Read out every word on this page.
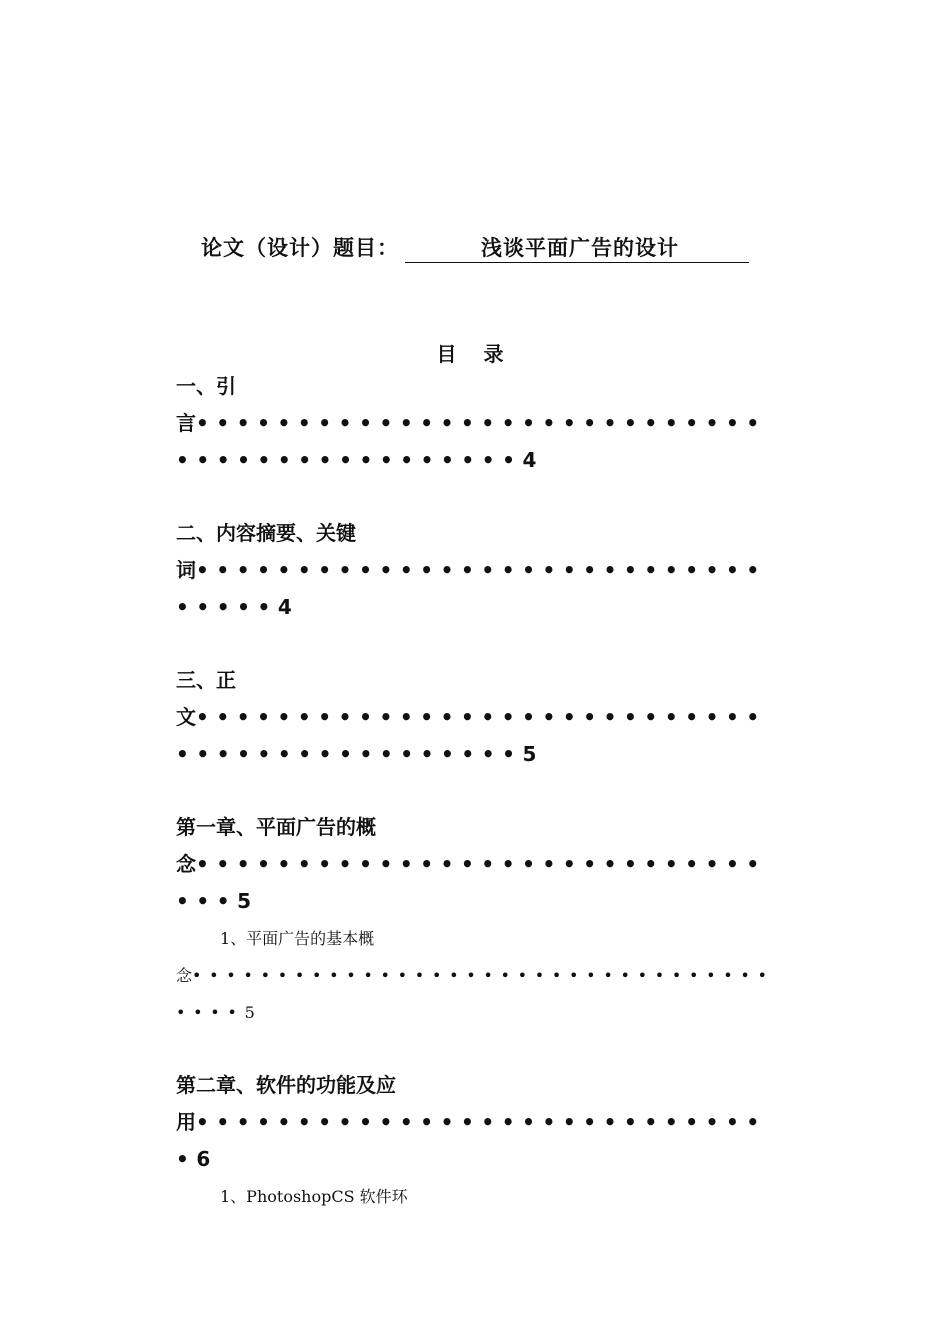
论文（设计）题目：	浅谈平面广告的设计
目 录
一、引
言••••••••••••••••••••••••••••
•••••••••••••••••4
二、内容摘要、关键
词••••••••••••••••••••••••••••
•••••4
三、正
文••••••••••••••••••••••••••••
•••••••••••••••••5
第一章、平面广告的概
念••••••••••••••••••••••••••••
•••5
1、平面广告的基本概
念••••••••••••••••••••••••••••••••••
••••5
第二章、软件的功能及应
用••••••••••••••••••••••••••••
•6
1、PhotoshopCS 软件环
